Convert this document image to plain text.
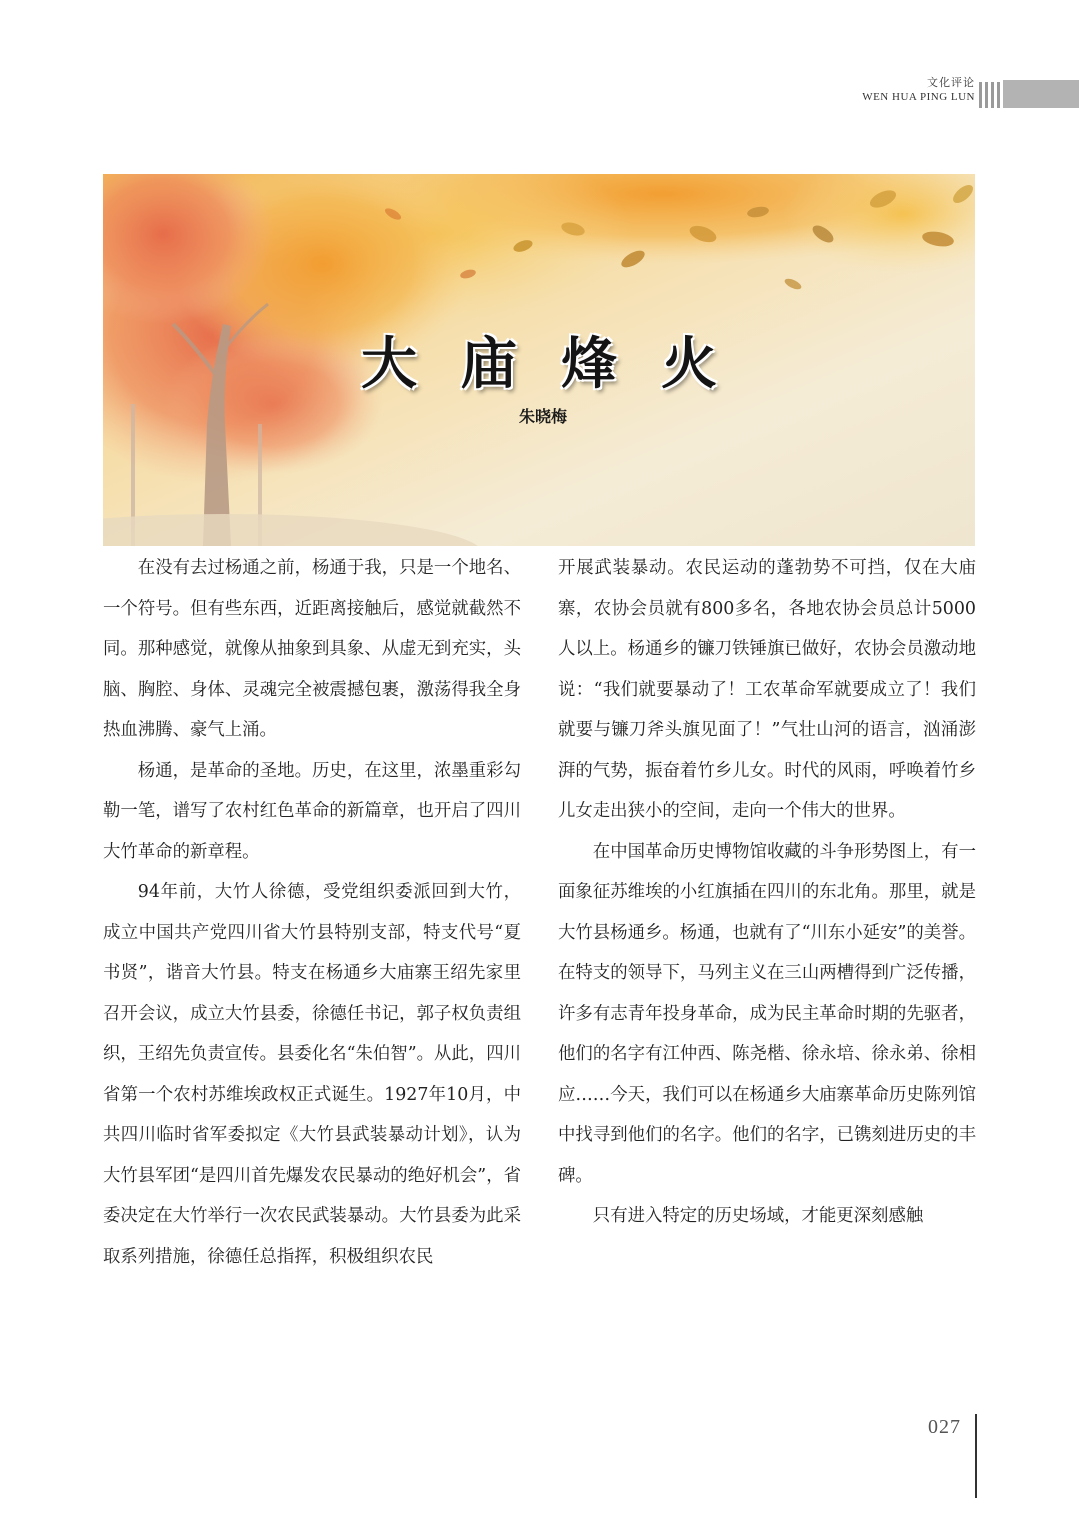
文化评论
WEN HUA PING LUN
大庙烽火
朱晓梅

在没有去过杨通之前，杨通于我，只是一个地名、一个符号。但有些东西，近距离接触后，感觉就截然不同。那种感觉，就像从抽象到具象、从虚无到充实，头脑、胸腔、身体、灵魂完全被震撼包裹，激荡得我全身热血沸腾、豪气上涌。

杨通，是革命的圣地。历史，在这里，浓墨重彩勾勒一笔，谱写了农村红色革命的新篇章，也开启了四川大竹革命的新章程。

94年前，大竹人徐德，受党组织委派回到大竹，成立中国共产党四川省大竹县特别支部，特支代号“夏书贤”，谐音大竹县。特支在杨通乡大庙寨王绍先家里召开会议，成立大竹县委，徐德任书记，郭子权负责组织，王绍先负责宣传。县委化名“朱伯智”。从此，四川省第一个农村苏维埃政权正式诞生。1927年10月，中共四川临时省军委拟定《大竹县武装暴动计划》，认为大竹县军团“是四川首先爆发农民暴动的绝好机会”，省委决定在大竹举行一次农民武装暴动。大竹县委为此采取系列措施，徐德任总指挥，积极组织农民

开展武装暴动。农民运动的蓬勃势不可挡，仅在大庙寨，农协会员就有800多名，各地农协会员总计5000人以上。杨通乡的镰刀铁锤旗已做好，农协会员激动地说：“我们就要暴动了！工农革命军就要成立了！我们就要与镰刀斧头旗见面了！”气壮山河的语言，汹涌澎湃的气势，振奋着竹乡儿女。时代的风雨，呼唤着竹乡儿女走出狭小的空间，走向一个伟大的世界。

在中国革命历史博物馆收藏的斗争形势图上，有一面象征苏维埃的小红旗插在四川的东北角。那里，就是大竹县杨通乡。杨通，也就有了“川东小延安”的美誉。在特支的领导下，马列主义在三山两槽得到广泛传播，许多有志青年投身革命，成为民主革命时期的先驱者，他们的名字有江仲西、陈尧楷、徐永培、徐永弟、徐相应……今天，我们可以在杨通乡大庙寨革命历史陈列馆中找寻到他们的名字。他们的名字，已镌刻进历史的丰碑。

只有进入特定的历史场域，才能更深刻感触

027
